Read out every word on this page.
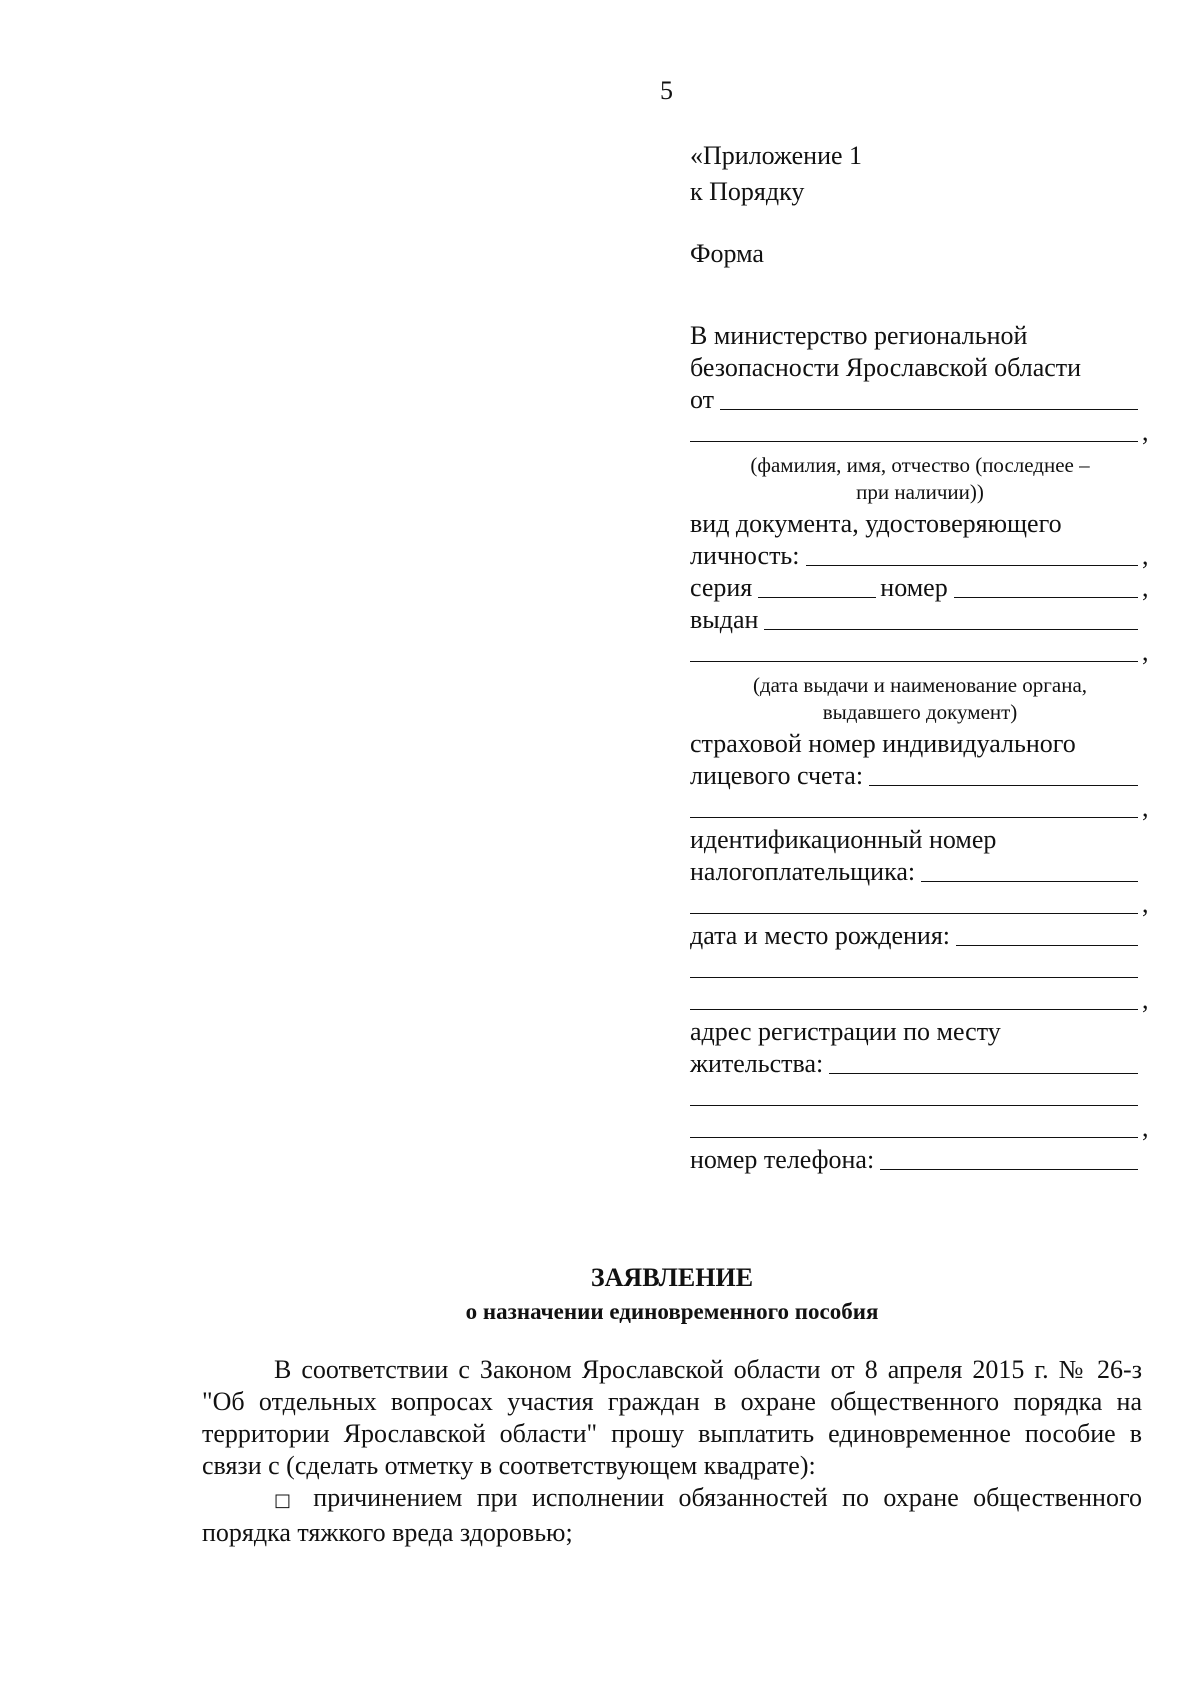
5
«Приложение 1
к Порядку
Форма
В министерство региональной
безопасности Ярославской области
от
,
(фамилия, имя, отчество (последнее –
при наличии))
вид документа, удостоверяющего
личность:	,
серия	номер	,
выдан
,
(дата выдачи и наименование органа,
выдавшего документ)
страховой номер индивидуального
лицевого счета:
,
идентификационный номер
налогоплательщика:
,
дата и место рождения:
,
адрес регистрации по месту
жительства:
,
номер телефона:
ЗАЯВЛЕНИЕ
о назначении единовременного пособия

В соответствии с Законом Ярославской области от 8 апреля 2015 г. № 26-з "Об отдельных вопросах участия граждан в охране общественного порядка на территории Ярославской области" прошу выплатить единовременное пособие в связи с (сделать отметку в соответствующем квадрате):

□ причинением при исполнении обязанностей по охране общественного порядка тяжкого вреда здоровью;
